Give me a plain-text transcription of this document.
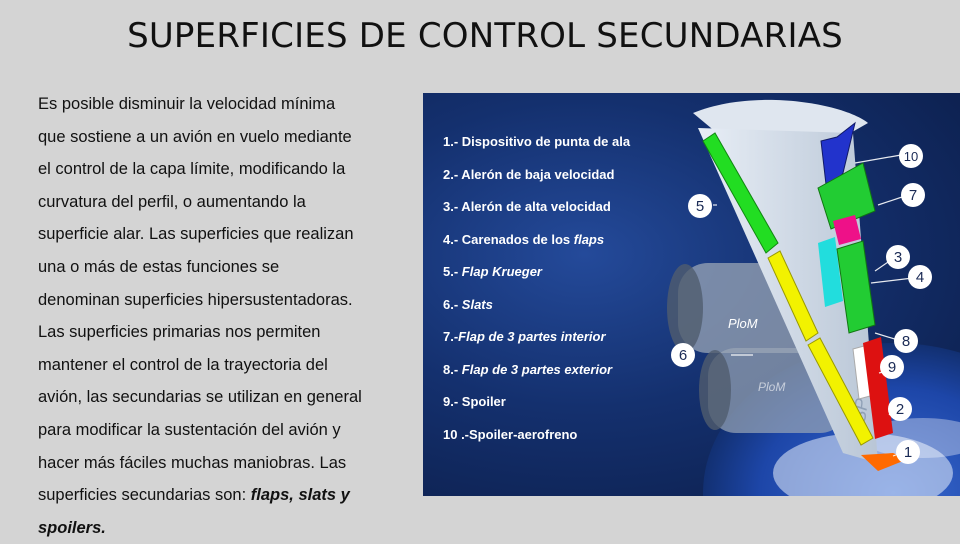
SUPERFICIES DE CONTROL SECUNDARIAS
Es posible disminuir la velocidad mínima
que sostiene a un avión en vuelo mediante
el control de la capa límite, modificando la
curvatura del perfil, o aumentando la
superficie alar. Las superficies que realizan
una o más de estas funciones se
denominan superficies hipersustentadoras.
Las superficies primarias nos permiten
mantener el control de la trayectoria del
avión, las secundarias se utilizan en general
para modificar la sustentación del avión y
hacer más fáciles muchas maniobras. Las
superficies secundarias son: flaps, slats y
spoilers.
PloM
PloM
1
2
3
4
5
6
7
8
9
10
1.- Dispositivo de punta de ala
2.- Alerón de baja velocidad
3.- Alerón de alta velocidad
4.- Carenados de los flaps
5.- Flap Krueger
6.- Slats
7.-Flap de 3 partes interior
8.- Flap de 3 partes exterior
9.- Spoiler
10 .-Spoiler-aerofreno
